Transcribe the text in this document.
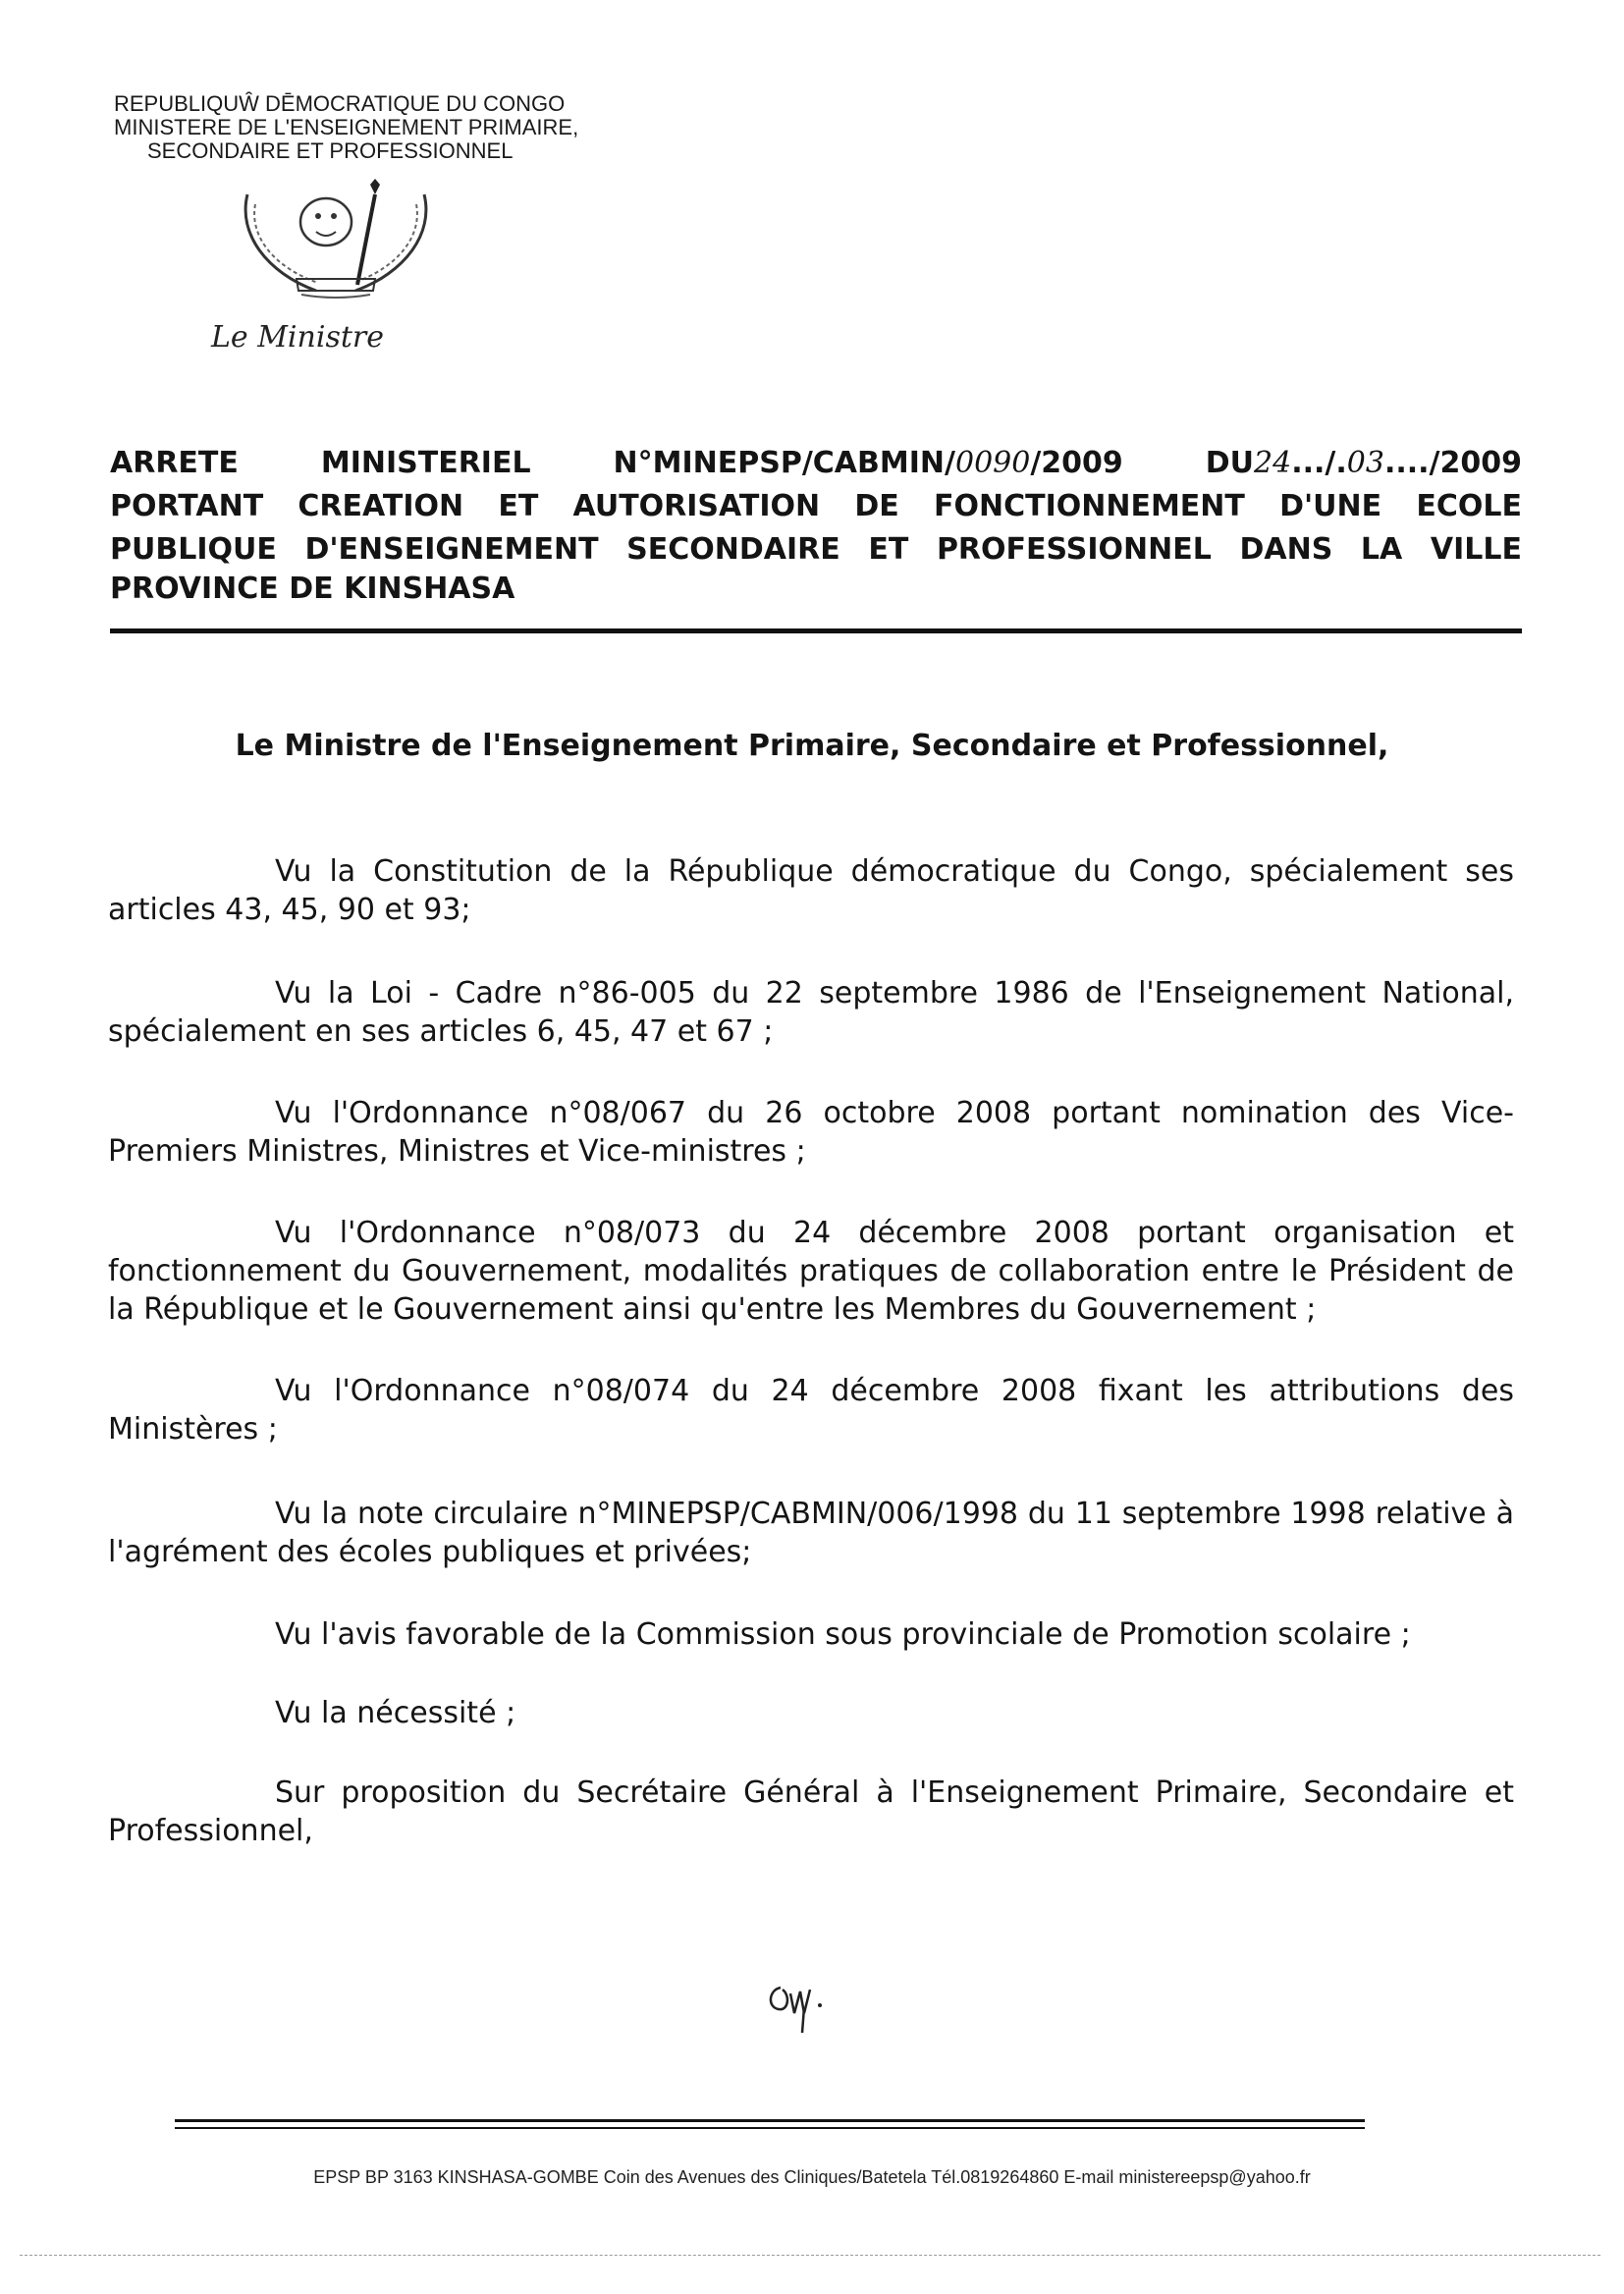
REPUBLIQUŴ DĒMOCRATIQUE DU CONGO
MINISTERE DE L'ENSEIGNEMENT PRIMAIRE,
SECONDAIRE ET PROFESSIONNEL
Le Ministre
ARRETE MINISTERIEL N°MINEPSP/CABMIN/0090/2009 DU24.../.03..../2009
PORTANT CREATION ET AUTORISATION DE FONCTIONNEMENT D'UNE ECOLE
PUBLIQUE D'ENSEIGNEMENT SECONDAIRE ET PROFESSIONNEL DANS LA VILLE
PROVINCE DE KINSHASA
Le Ministre de l'Enseignement Primaire, Secondaire et Professionnel,
Vu la Constitution de la République démocratique du Congo, spécialement ses articles 43, 45, 90 et 93;
Vu la Loi - Cadre n°86-005 du 22 septembre 1986 de l'Enseignement National, spécialement en ses articles 6, 45, 47 et 67 ;
Vu l'Ordonnance n°08/067 du 26 octobre 2008 portant nomination des Vice-Premiers Ministres, Ministres et Vice-ministres ;
Vu l'Ordonnance n°08/073 du 24 décembre 2008 portant organisation et fonctionnement du Gouvernement, modalités pratiques de collaboration entre le Président de la République et le Gouvernement ainsi qu'entre les Membres du Gouvernement ;
Vu l'Ordonnance n°08/074 du 24 décembre 2008 fixant les attributions des Ministères ;
Vu la note circulaire n°MINEPSP/CABMIN/006/1998 du 11 septembre 1998 relative à l'agrément des écoles publiques et privées;
Vu l'avis favorable de la Commission sous provinciale de Promotion scolaire ;
Vu la nécessité ;
Sur proposition du Secrétaire Général à l'Enseignement Primaire, Secondaire et Professionnel,
EPSP BP 3163 KINSHASA-GOMBE Coin des Avenues des Cliniques/Batetela Tél.0819264860 E-mail ministereepsp@yahoo.fr
